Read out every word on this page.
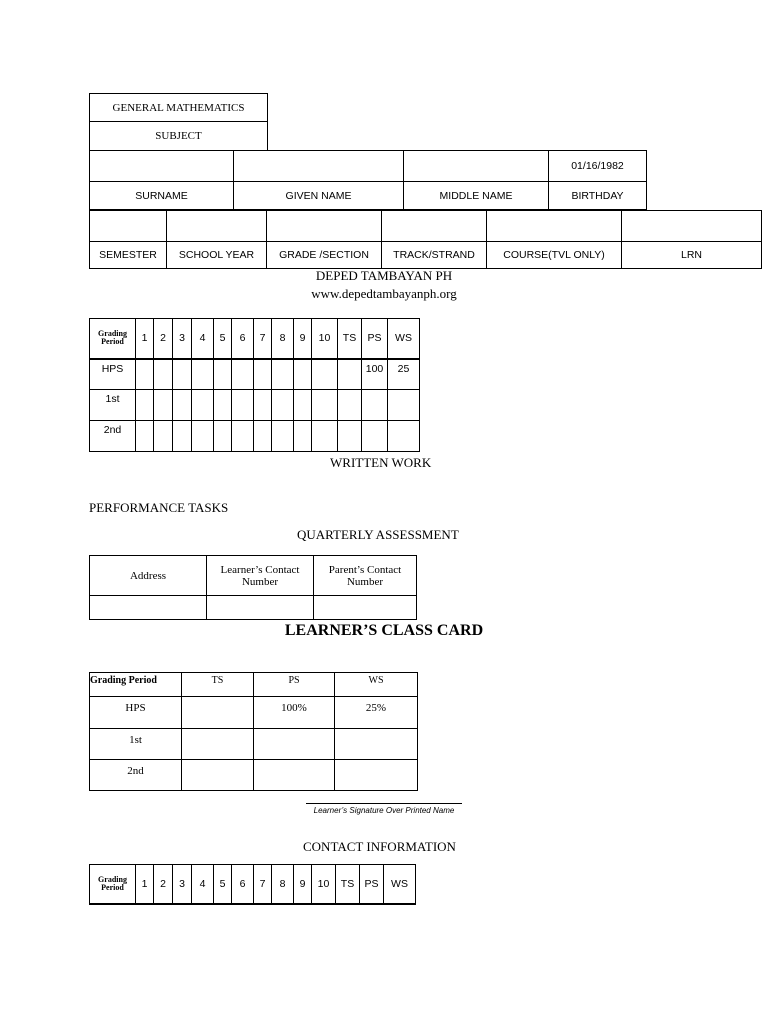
GENERAL MATHEMATICS
SUBJECT
			01/16/1982
SURNAME	GIVEN NAME	MIDDLE NAME	BIRTHDAY

SEMESTER	SCHOOL YEAR	GRADE /SECTION	TRACK/STRAND	COURSE(TVL ONLY)	LRN
DEPED TAMBAYAN PH
www.depedtambayanph.org
Grading Period	1	2	3	4	5	6	7	8	9	10	TS	PS	WS
HPS												100	25
1st													
2nd													
WRITTEN WORK
PERFORMANCE TASKS
QUARTERLY ASSESSMENT
Address	Learner’s Contact Number	Parent’s Contact Number

LEARNER’S CLASS CARD
Grading Period	TS	PS	WS
HPS		100%	25%
1st			
2nd			
Learner’s Signature Over Printed Name
CONTACT INFORMATION
Grading Period	1	2	3	4	5	6	7	8	9	10	TS	PS	WS
